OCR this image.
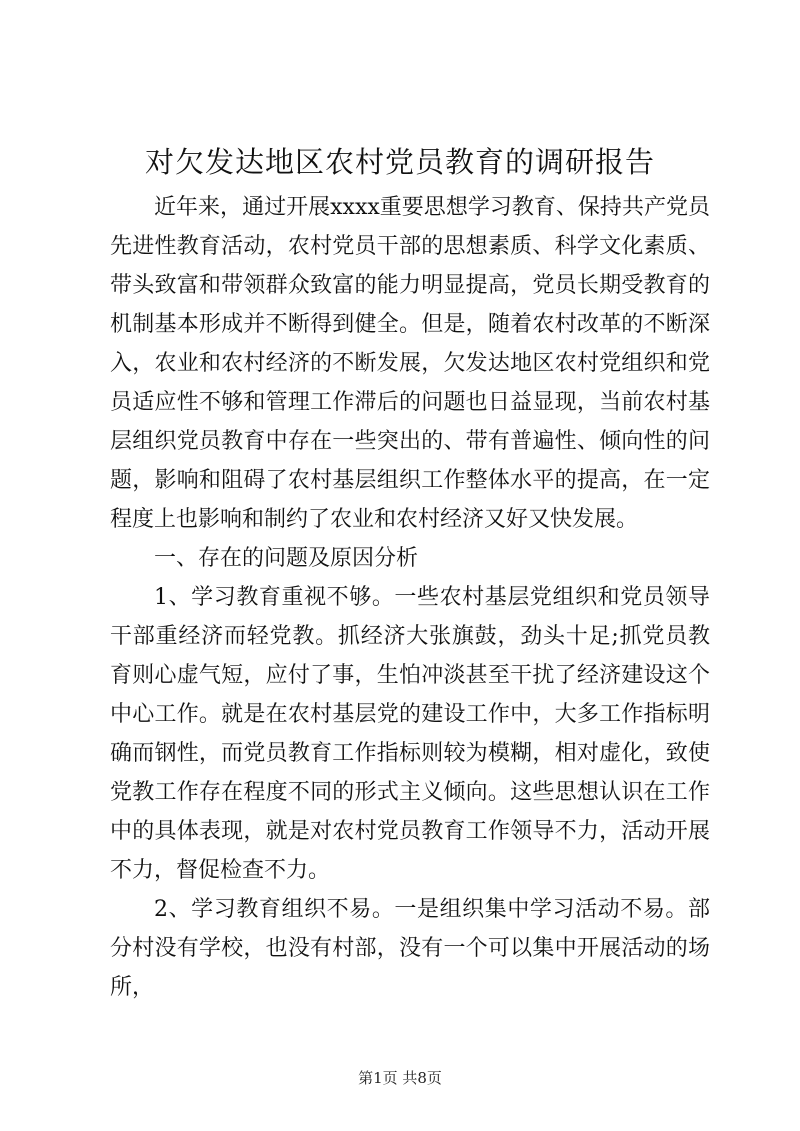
对欠发达地区农村党员教育的调研报告

近年来，通过开展xxxx重要思想学习教育、保持共产党员先进性教育活动，农村党员干部的思想素质、科学文化素质、带头致富和带领群众致富的能力明显提高，党员长期受教育的机制基本形成并不断得到健全。但是，随着农村改革的不断深入，农业和农村经济的不断发展，欠发达地区农村党组织和党员适应性不够和管理工作滞后的问题也日益显现，当前农村基层组织党员教育中存在一些突出的、带有普遍性、倾向性的问题，影响和阻碍了农村基层组织工作整体水平的提高，在一定程度上也影响和制约了农业和农村经济又好又快发展。

一、存在的问题及原因分析

1、学习教育重视不够。一些农村基层党组织和党员领导干部重经济而轻党教。抓经济大张旗鼓，劲头十足;抓党员教育则心虚气短，应付了事，生怕冲淡甚至干扰了经济建设这个中心工作。就是在农村基层党的建设工作中，大多工作指标明确而钢性，而党员教育工作指标则较为模糊，相对虚化，致使党教工作存在程度不同的形式主义倾向。这些思想认识在工作中的具体表现，就是对农村党员教育工作领导不力，活动开展不力，督促检查不力。

2、学习教育组织不易。一是组织集中学习活动不易。部分村没有学校，也没有村部，没有一个可以集中开展活动的场所，

第1页 共8页
